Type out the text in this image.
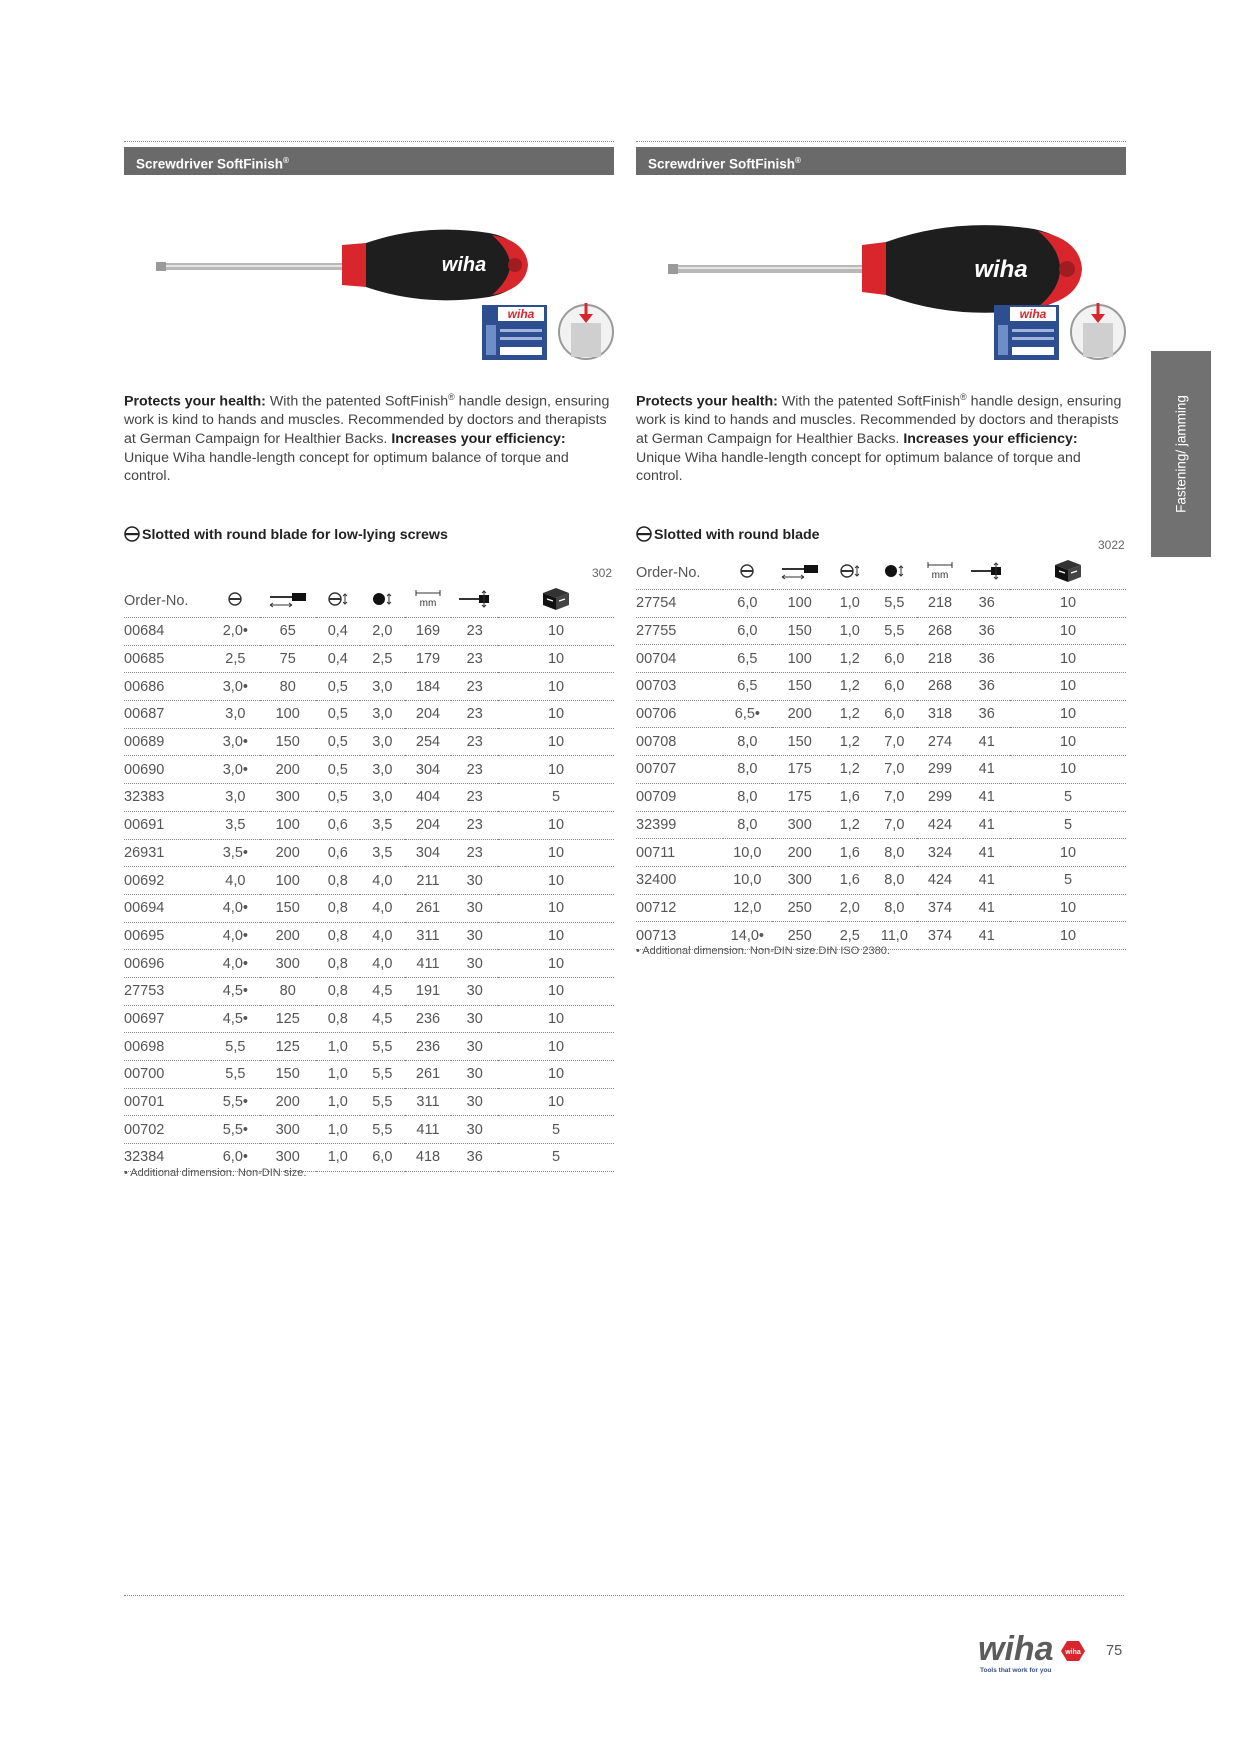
Screwdriver SoftFinish®
wiha
wiha
Protects your health: With the patented SoftFinish® handle design, ensuring work is kind to hands and muscles. Recommended by doctors and therapists at German Campaign for Healthier Backs. Increases your efficiency: Unique Wiha handle-length concept for optimum balance of torque and control.
Slotted with round blade for low-lying screws
302
Order-No.					mm

00684	2,0•	65	0,4	2,0	169	23	10
00685	2,5	75	0,4	2,5	179	23	10
00686	3,0•	80	0,5	3,0	184	23	10
00687	3,0	100	0,5	3,0	204	23	10
00689	3,0•	150	0,5	3,0	254	23	10
00690	3,0•	200	0,5	3,0	304	23	10
32383	3,0	300	0,5	3,0	404	23	5
00691	3,5	100	0,6	3,5	204	23	10
26931	3,5•	200	0,6	3,5	304	23	10
00692	4,0	100	0,8	4,0	211	30	10
00694	4,0•	150	0,8	4,0	261	30	10
00695	4,0•	200	0,8	4,0	311	30	10
00696	4,0•	300	0,8	4,0	411	30	10
27753	4,5•	80	0,8	4,5	191	30	10
00697	4,5•	125	0,8	4,5	236	30	10
00698	5,5	125	1,0	5,5	236	30	10
00700	5,5	150	1,0	5,5	261	30	10
00701	5,5•	200	1,0	5,5	311	30	10
00702	5,5•	300	1,0	5,5	411	30	5
32384	6,0•	300	1,0	6,0	418	36	5
• Additional dimension. Non-DIN size.
Screwdriver SoftFinish®
wiha
wiha
Protects your health: With the patented SoftFinish® handle design, ensuring work is kind to hands and muscles. Recommended by doctors and therapists at German Campaign for Healthier Backs. Increases your efficiency: Unique Wiha handle-length concept for optimum balance of torque and control.
Slotted with round blade
3022
Order-No.					mm

27754	6,0	100	1,0	5,5	218	36	10
27755	6,0	150	1,0	5,5	268	36	10
00704	6,5	100	1,2	6,0	218	36	10
00703	6,5	150	1,2	6,0	268	36	10
00706	6,5•	200	1,2	6,0	318	36	10
00708	8,0	150	1,2	7,0	274	41	10
00707	8,0	175	1,2	7,0	299	41	10
00709	8,0	175	1,6	7,0	299	41	5
32399	8,0	300	1,2	7,0	424	41	5
00711	10,0	200	1,6	8,0	324	41	10
32400	10,0	300	1,6	8,0	424	41	5
00712	12,0	250	2,0	8,0	374	41	10
00713	14,0•	250	2,5	11,0	374	41	10
• Additional dimension. Non-DIN size.DIN ISO 2380.
Fastening/ jamming
wiha wiha
Tools that work for you
75
